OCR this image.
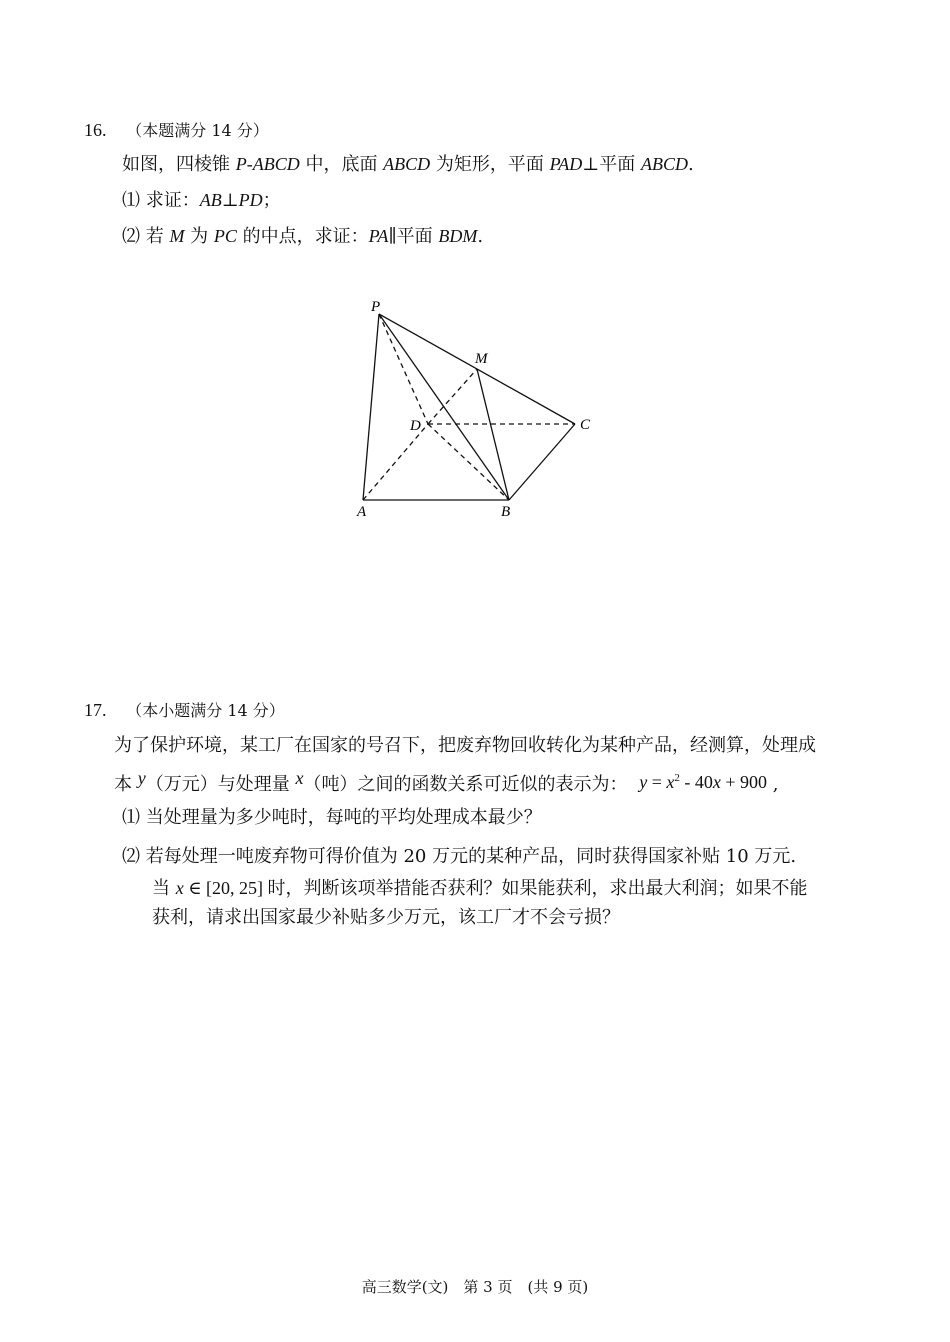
16. （本题满分 14 分）
如图，四棱锥 P-ABCD 中，底面 ABCD 为矩形，平面 PAD⊥平面 ABCD.
⑴ 求证：AB⊥PD；
⑵ 若 M 为 PC 的中点，求证：PA∥平面 BDM.
P
M
D	C
A	B
17. （本小题满分 14 分）
为了保护环境，某工厂在国家的号召下，把废弃物回收转化为某种产品，经测算，处理成
本 y（万元）与处理量 x（吨）之间的函数关系可近似的表示为： $y = x^2 - 40x + 900$ ,
⑴ 当处理量为多少吨时，每吨的平均处理成本最少？
⑵ 若每处理一吨废弃物可得价值为 20 万元的某种产品，同时获得国家补贴 10 万元.
当 x ∈ [20, 25] 时，判断该项举措能否获利？如果能获利，求出最大利润；如果不能
获利，请求出国家最少补贴多少万元，该工厂才不会亏损？
高三数学(文)　第 3 页　(共 9 页)
